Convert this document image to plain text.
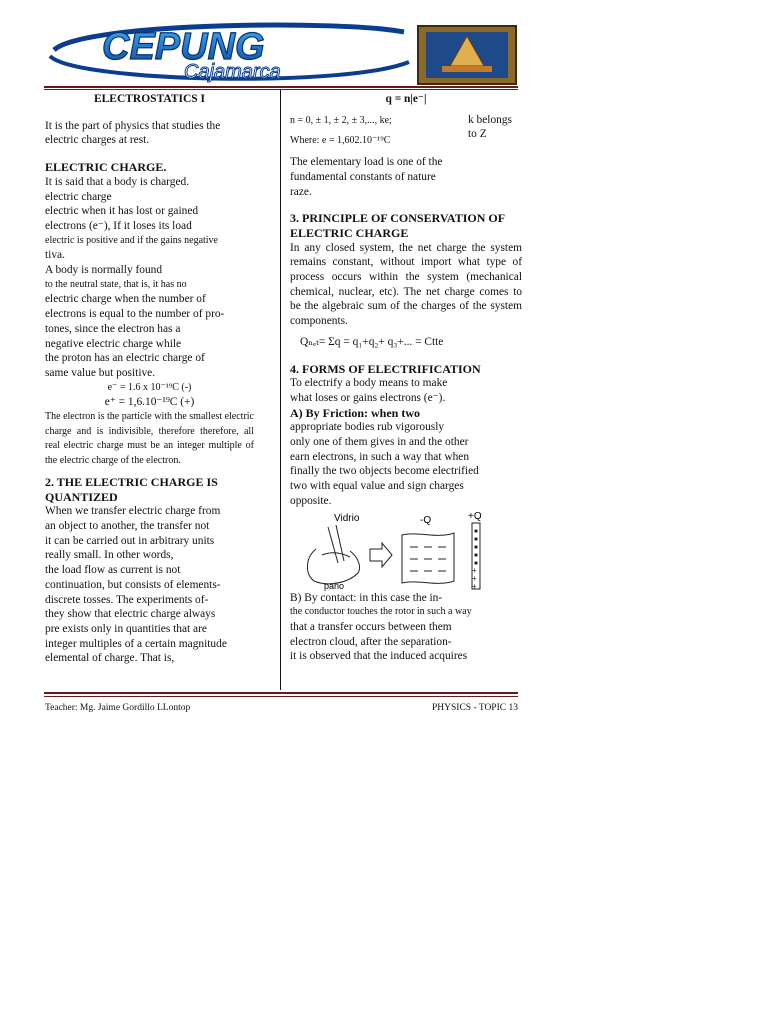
CEPUNG
Cajamarca

ELECTROSTATICS I

It is the part of physics that studies the electric charges at rest.

ELECTRIC CHARGE.

It is said that a body is charged.

electric charge

electric when it has lost or gained

electrons (e⁻), If it loses its load

electric is positive and if the gains negative

tiva.

A body is normally found

to the neutral state, that is, it has no

electric charge when the number of

electrons is equal to the number of pro-

tones, since the electron has a

negative electric charge while

the proton has an electric charge of

same value but positive.

e⁻ = 1.6 x 10⁻¹⁹C (-)

e⁺ = 1,6.10⁻¹⁹C (+)

The electron is the particle with the smallest electric charge and is indivisible, therefore therefore, all real electric charge must be an integer multiple of the electric charge of the electron.

2. THE ELECTRIC CHARGE IS QUANTIZED

When we transfer electric charge from

an object to another, the transfer not

it can be carried out in arbitrary units

really small. In other words,

the load flow as current is not

continuation, but consists of elements-

discrete tosses. The experiments of-

they show that electric charge always

pre exists only in quantities that are

integer multiples of a certain magnitude

elemental of charge. That is,

q = n|e⁻|

n = 0, ± 1, ± 2, ± 3,..., ke;	k belongs to Z

Where: e = 1,602.10⁻¹⁹C

The elementary load is one of the

fundamental constants of nature

raze.

3. PRINCIPLE OF CONSERVATION OF ELECTRIC CHARGE

In any closed system, the net charge the system remains constant, without import what type of process occurs within the system (mechanical chemical, nuclear, etc). The net charge comes to be the algebraic sum of the charges of the system components.

Qₙₑₜ= Σq = q₁+q₂+ q₃+... = Ctte

4. FORMS OF ELECTRIFICATION

To electrify a body means to make

what loses or gains electrons (e⁻).

A) By Friction: when two

appropriate bodies rub vigorously

only one of them gives in and the other

earn electrons, in such a way that when

finally the two objects become electrified

two with equal value and sign charges

opposite.

+
+
+
Vidrio
paño
-Q	+Q

B) By contact: in this case the in-

the conductor touches the rotor in such a way

that a transfer occurs between them

electron cloud, after the separation-

it is observed that the induced acquires

Teacher: Mg. Jaime Gordillo LLontop	PHYSICS - TOPIC 13
